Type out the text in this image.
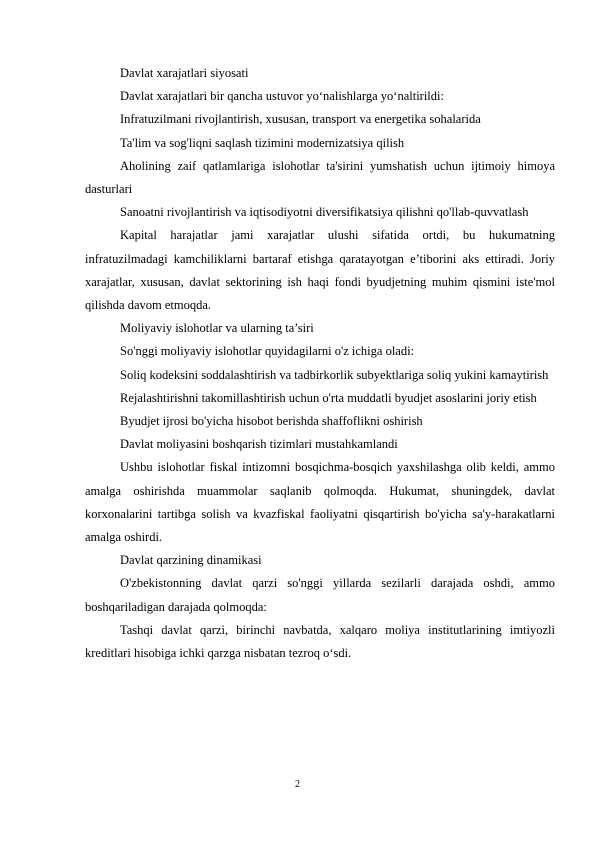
Davlat xarajatlari siyosati

Davlat xarajatlari bir qancha ustuvor yo‘nalishlarga yo‘naltirildi:

Infratuzilmani rivojlantirish, xususan, transport va energetika sohalarida

Ta'lim va sog'liqni saqlash tizimini modernizatsiya qilish

Aholining zaif qatlamlariga islohotlar ta'sirini yumshatish uchun ijtimoiy himoya dasturlari

Sanoatni rivojlantirish va iqtisodiyotni diversifikatsiya qilishni qo'llab-quvvatlash

Kapital harajatlar jami xarajatlar ulushi sifatida ortdi, bu hukumatning infratuzilmadagi kamchiliklarni bartaraf etishga qaratayotgan e’tiborini aks ettiradi. Joriy xarajatlar, xususan, davlat sektorining ish haqi fondi byudjetning muhim qismini iste'mol qilishda davom etmoqda.

Moliyaviy islohotlar va ularning ta’siri

So'nggi moliyaviy islohotlar quyidagilarni o'z ichiga oladi:

Soliq kodeksini soddalashtirish va tadbirkorlik subyektlariga soliq yukini kamaytirish

Rejalashtirishni takomillashtirish uchun o'rta muddatli byudjet asoslarini joriy etish

Byudjet ijrosi bo'yicha hisobot berishda shaffoflikni oshirish

Davlat moliyasini boshqarish tizimlari mustahkamlandi

Ushbu islohotlar fiskal intizomni bosqichma-bosqich yaxshilashga olib keldi, ammo amalga oshirishda muammolar saqlanib qolmoqda. Hukumat, shuningdek, davlat korxonalarini tartibga solish va kvazfiskal faoliyatni qisqartirish bo'yicha sa'y-harakatlarni amalga oshirdi.

Davlat qarzining dinamikasi

O'zbekistonning davlat qarzi so'nggi yillarda sezilarli darajada oshdi, ammo boshqariladigan darajada qolmoqda:

Tashqi davlat qarzi, birinchi navbatda, xalqaro moliya institutlarining imtiyozli kreditlari hisobiga ichki qarzga nisbatan tezroq o‘sdi.

2
